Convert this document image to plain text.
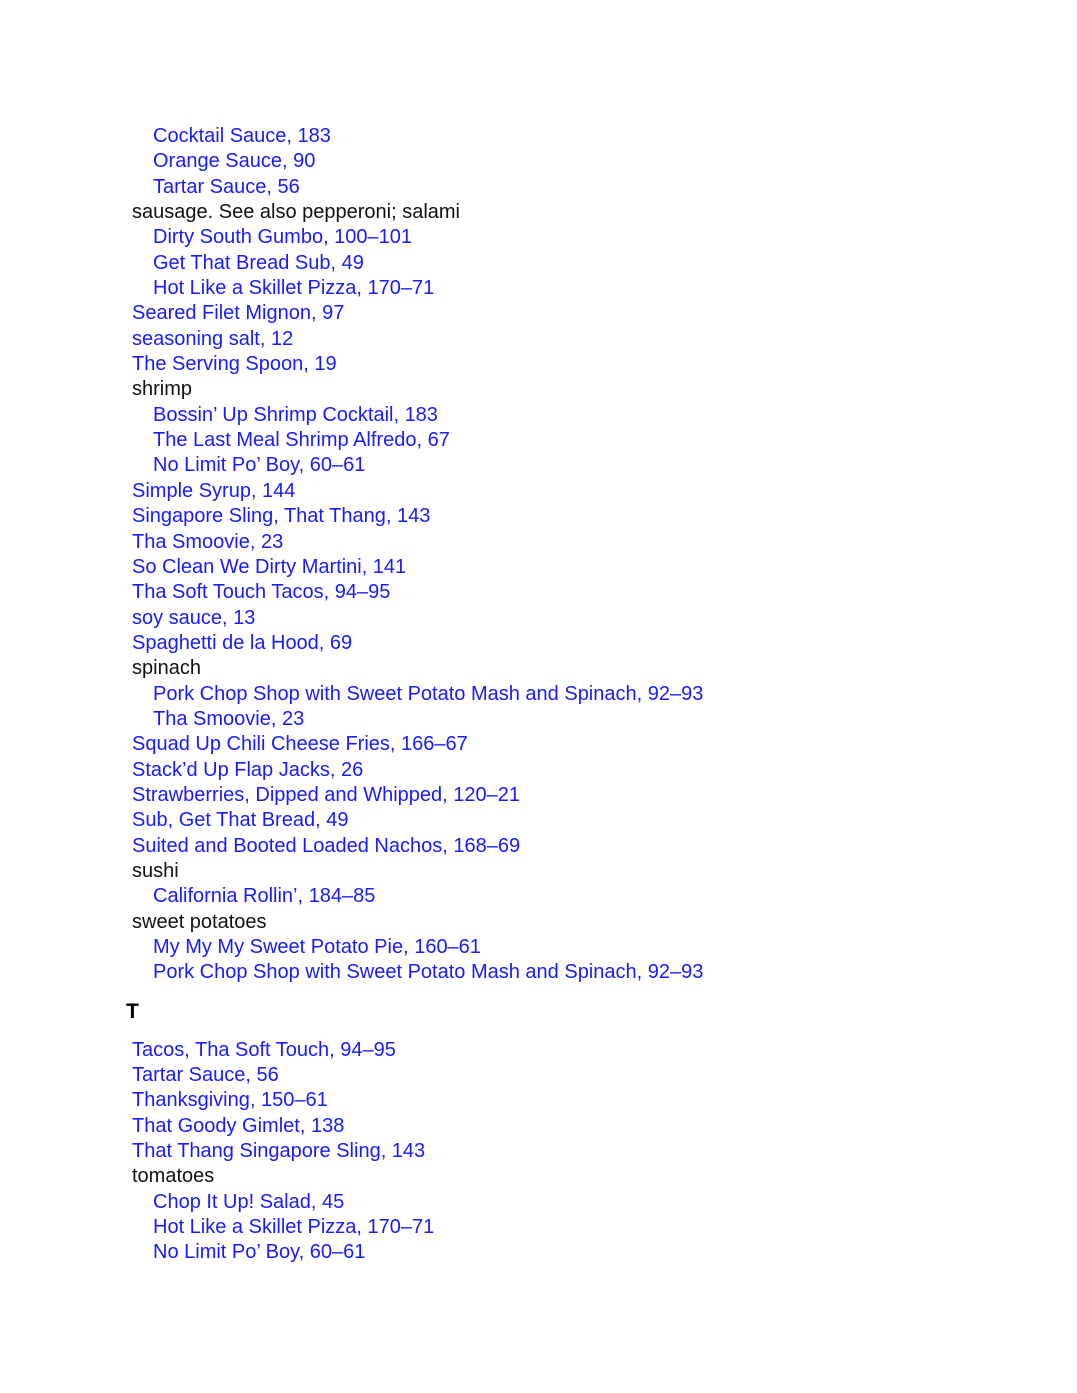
Cocktail Sauce, 183
Orange Sauce, 90
Tartar Sauce, 56
sausage. See also pepperoni; salami
Dirty South Gumbo, 100–101
Get That Bread Sub, 49
Hot Like a Skillet Pizza, 170–71
Seared Filet Mignon, 97
seasoning salt, 12
The Serving Spoon, 19
shrimp
Bossin’ Up Shrimp Cocktail, 183
The Last Meal Shrimp Alfredo, 67
No Limit Po’ Boy, 60–61
Simple Syrup, 144
Singapore Sling, That Thang, 143
Tha Smoovie, 23
So Clean We Dirty Martini, 141
Tha Soft Touch Tacos, 94–95
soy sauce, 13
Spaghetti de la Hood, 69
spinach
Pork Chop Shop with Sweet Potato Mash and Spinach, 92–93
Tha Smoovie, 23
Squad Up Chili Cheese Fries, 166–67
Stack’d Up Flap Jacks, 26
Strawberries, Dipped and Whipped, 120–21
Sub, Get That Bread, 49
Suited and Booted Loaded Nachos, 168–69
sushi
California Rollin’, 184–85
sweet potatoes
My My My Sweet Potato Pie, 160–61
Pork Chop Shop with Sweet Potato Mash and Spinach, 92–93
T
Tacos, Tha Soft Touch, 94–95
Tartar Sauce, 56
Thanksgiving, 150–61
That Goody Gimlet, 138
That Thang Singapore Sling, 143
tomatoes
Chop It Up! Salad, 45
Hot Like a Skillet Pizza, 170–71
No Limit Po’ Boy, 60–61
